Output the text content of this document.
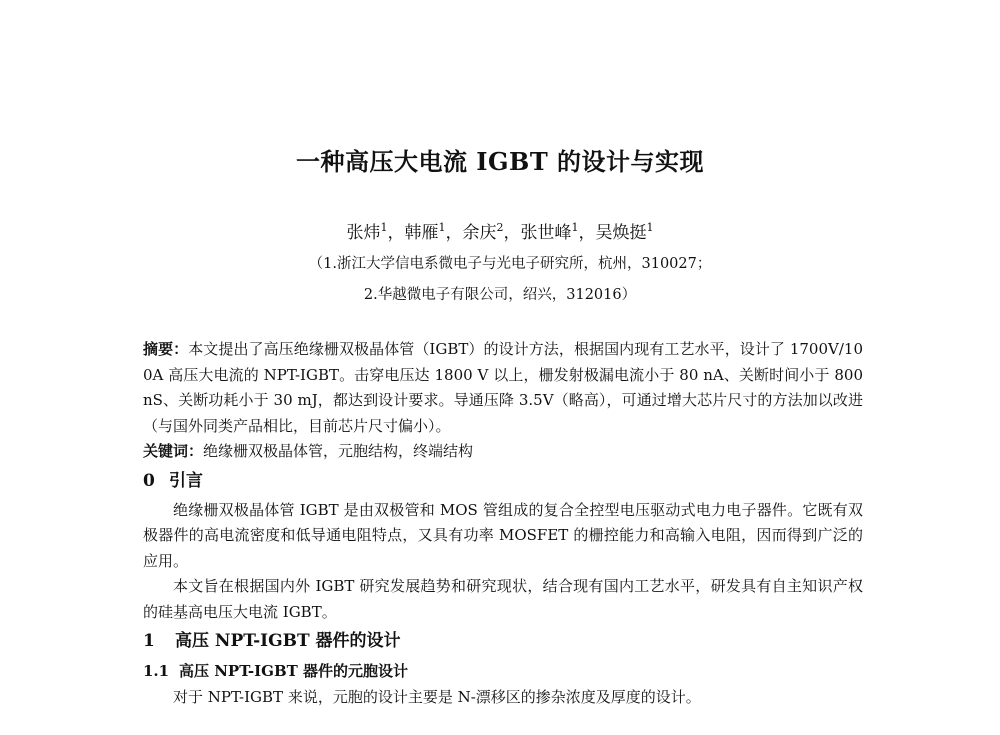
一种高压大电流 IGBT 的设计与实现
张炜$^1$，韩雁$^1$，余庆$^2$，张世峰$^1$，吴焕挺$^1$
（1.浙江大学信电系微电子与光电子研究所，杭州，310027；
2.华越微电子有限公司，绍兴，312016）

摘要：本文提出了高压绝缘栅双极晶体管（IGBT）的设计方法，根据国内现有工艺水平，设计了 1700V/100A 高压大电流的 NPT-IGBT。击穿电压达 1800 V 以上，栅发射极漏电流小于 80 nA、关断时间小于 800 nS、关断功耗小于 30 mJ，都达到设计要求。导通压降 3.5V（略高），可通过增大芯片尺寸的方法加以改进（与国外同类产品相比，目前芯片尺寸偏小）。

关键词：绝缘栅双极晶体管，元胞结构，终端结构

0 引言

绝缘栅双极晶体管 IGBT 是由双极管和 MOS 管组成的复合全控型电压驱动式电力电子器件。它既有双极器件的高电流密度和低导通电阻特点，又具有功率 MOSFET 的栅控能力和高输入电阻，因而得到广泛的应用。

本文旨在根据国内外 IGBT 研究发展趋势和研究现状，结合现有国内工艺水平，研发具有自主知识产权的硅基高电压大电流 IGBT。

1 高压 NPT-IGBT 器件的设计
1.1 高压 NPT-IGBT 器件的元胞设计

对于 NPT-IGBT 来说，元胞的设计主要是 N-漂移区的掺杂浓度及厚度的设计。
